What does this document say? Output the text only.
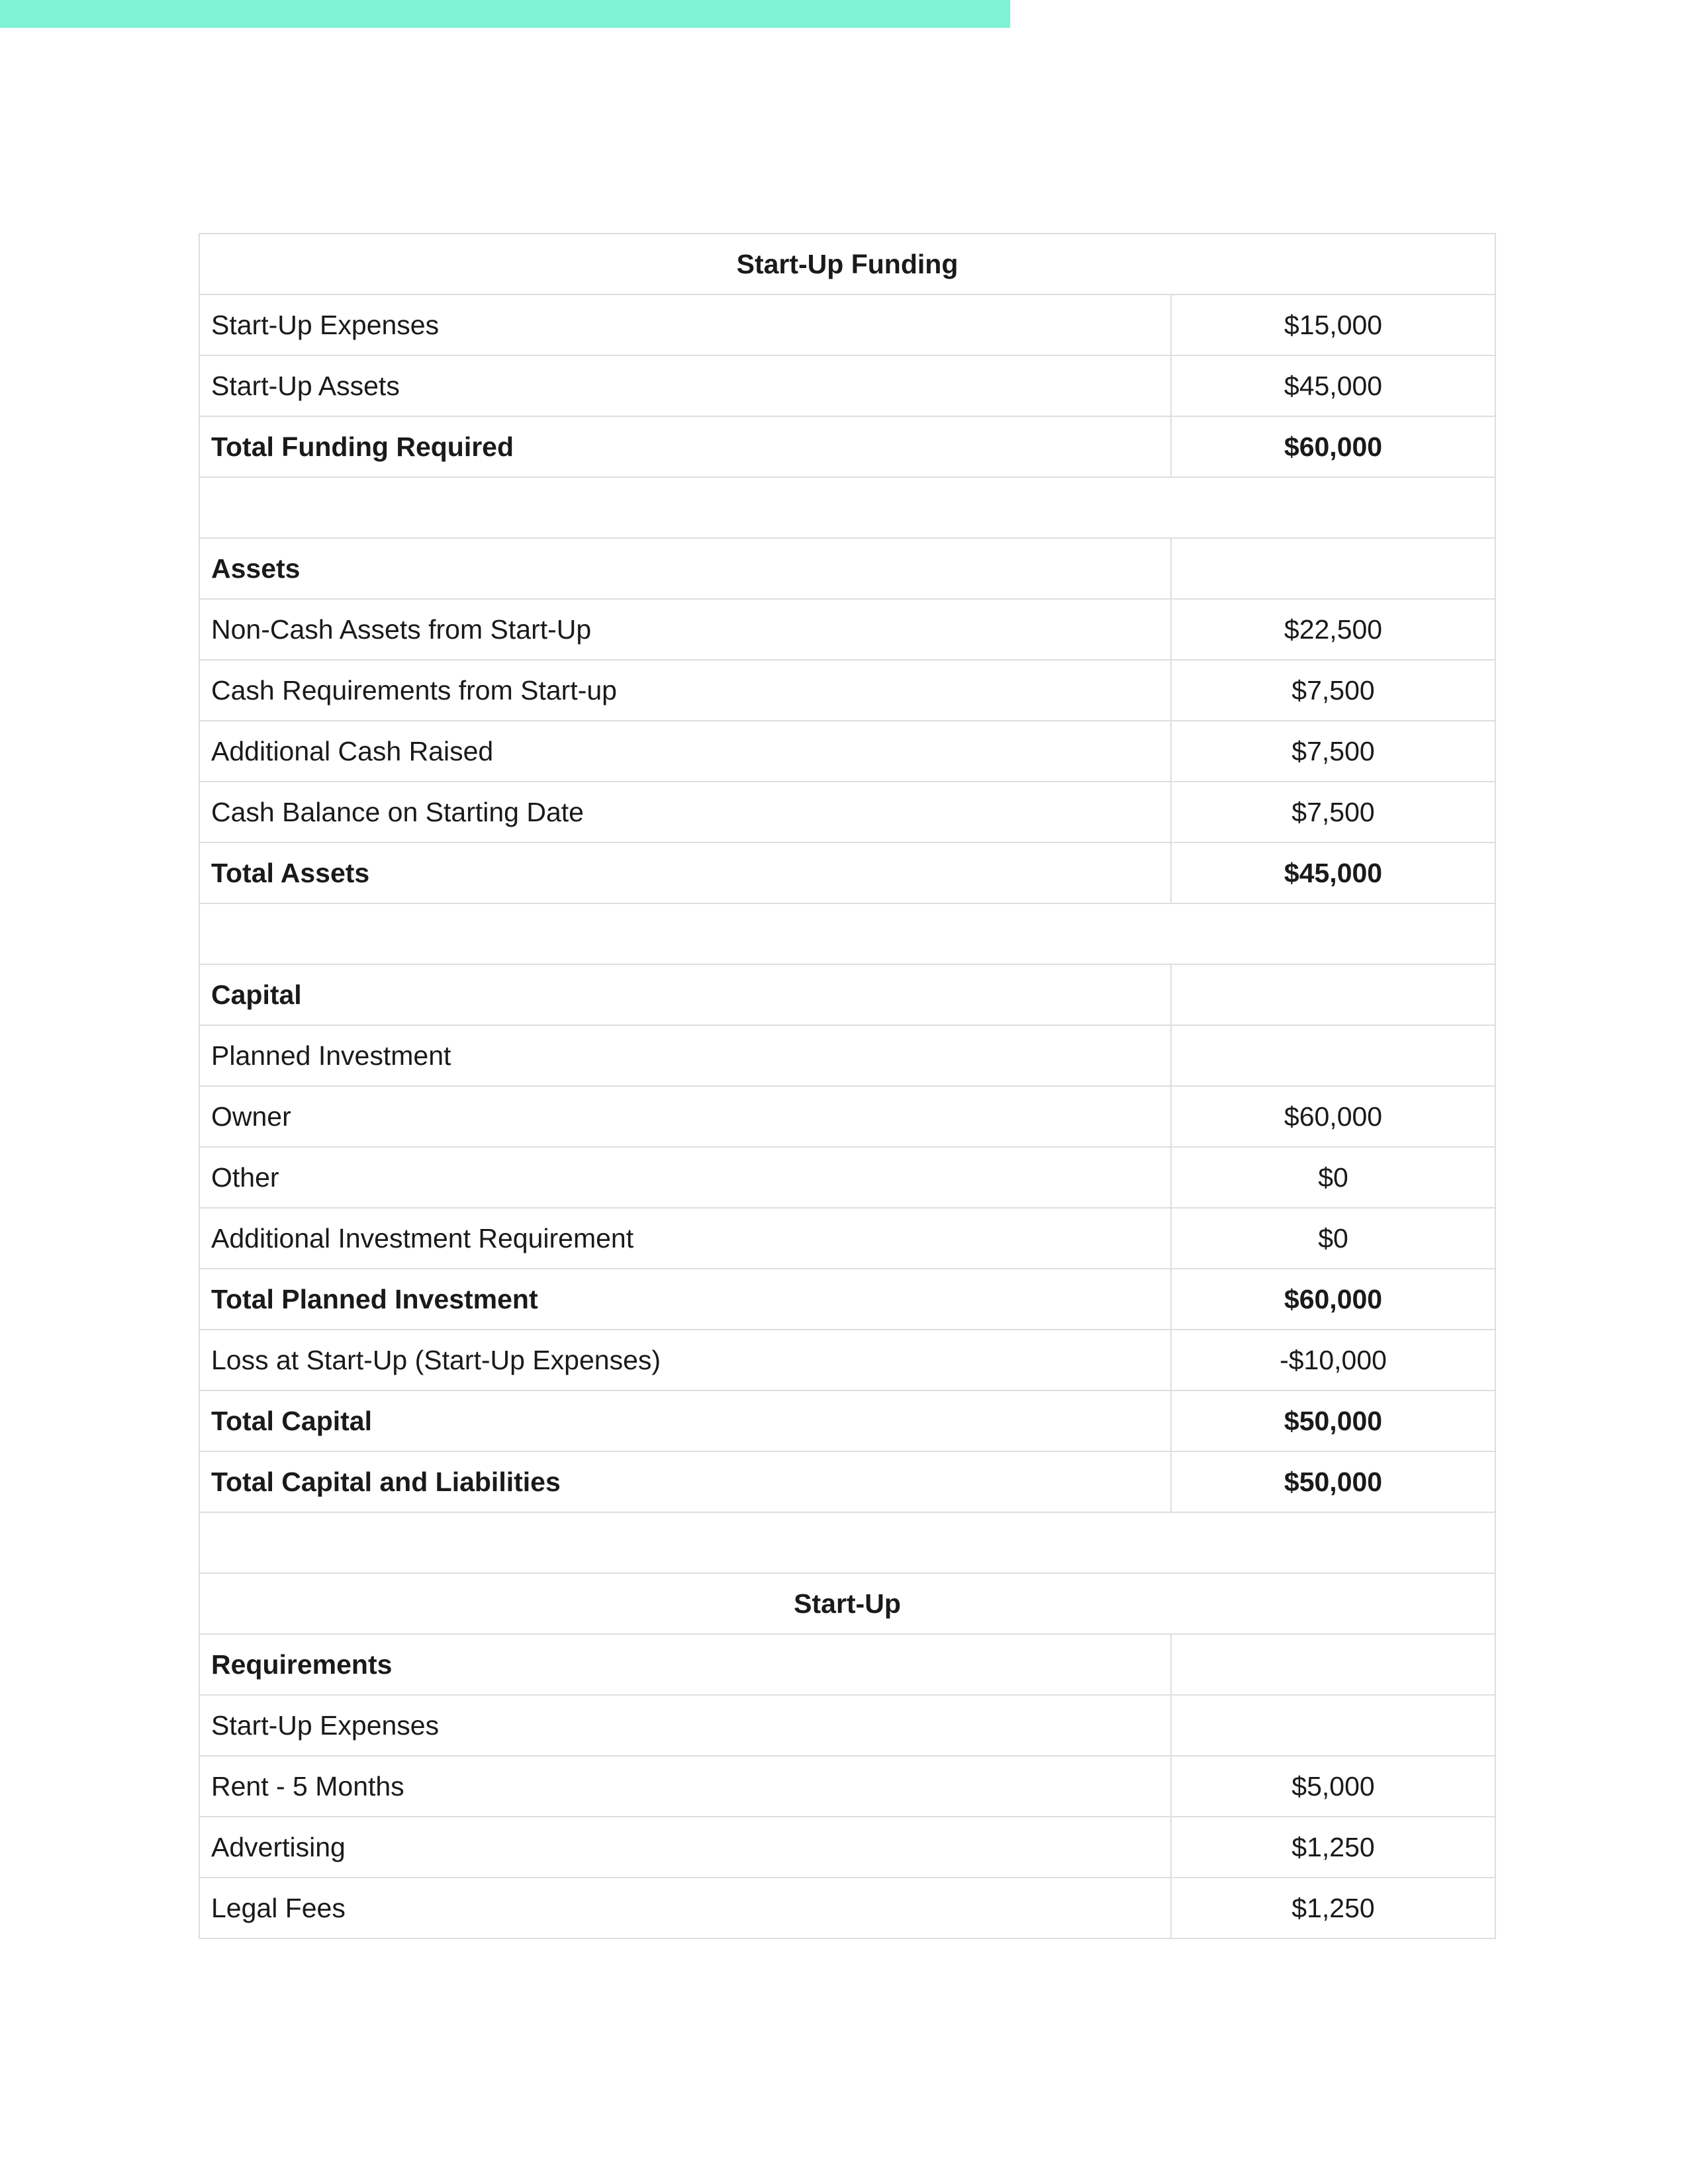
Start-Up Funding	
Start-Up Expenses	$15,000
Start-Up Assets	$45,000
Total Funding Required	$60,000

Assets	
Non-Cash Assets from Start-Up	$22,500
Cash Requirements from Start-up	$7,500
Additional Cash Raised	$7,500
Cash Balance on Starting Date	$7,500
Total Assets	$45,000

Capital	
Planned Investment	
Owner	$60,000
Other	$0
Additional Investment Requirement	$0
Total Planned Investment	$60,000
Loss at Start-Up (Start-Up Expenses)	-$10,000
Total Capital	$50,000
Total Capital and Liabilities	$50,000

Start-Up	
Requirements	
Start-Up Expenses	
Rent - 5 Months	$5,000
Advertising	$1,250
Legal Fees	$1,250
